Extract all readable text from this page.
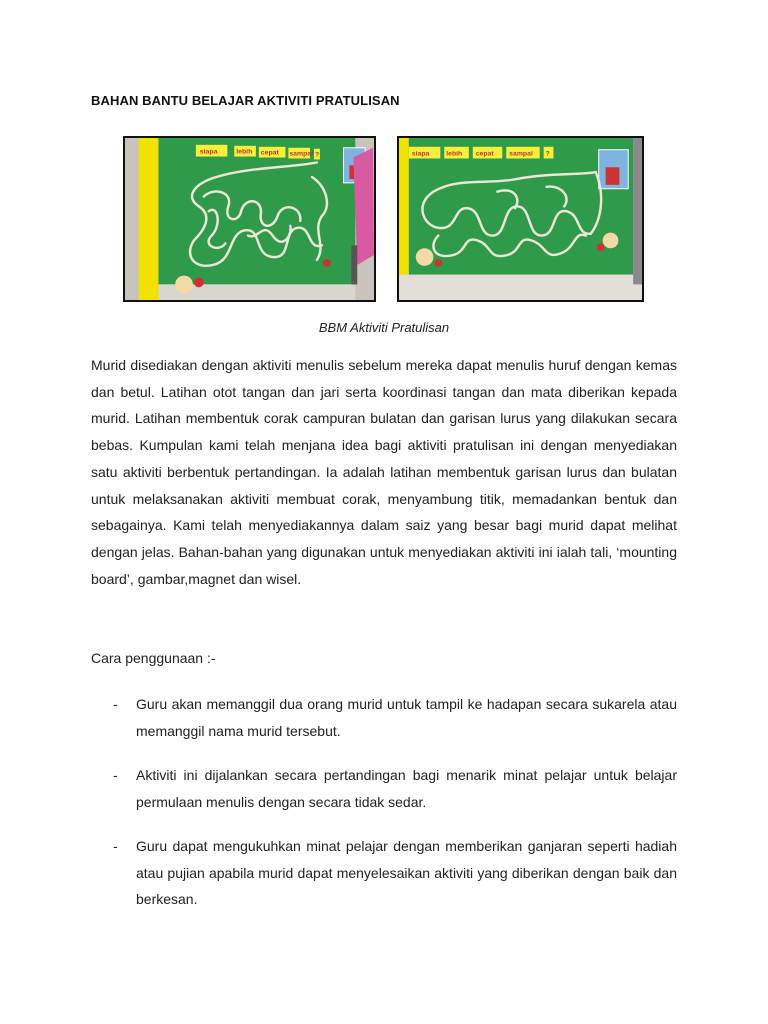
BAHAN BANTU BELAJAR AKTIVITI PRATULISAN
siapa	lebih cepat sampai ?	siapa lebih cepat sampai ?
BBM Aktiviti Pratulisan

Murid disediakan dengan aktiviti menulis sebelum mereka dapat menulis huruf dengan kemas dan betul. Latihan otot tangan dan jari serta koordinasi tangan dan mata diberikan kepada murid. Latihan membentuk corak campuran bulatan dan garisan lurus yang dilakukan secara bebas. Kumpulan kami telah menjana idea bagi aktiviti pratulisan ini dengan menyediakan satu aktiviti berbentuk pertandingan. Ia adalah latihan membentuk garisan lurus dan bulatan untuk melaksanakan aktiviti membuat corak, menyambung titik, memadankan bentuk dan sebagainya. Kami telah menyediakannya dalam saiz yang besar bagi murid dapat melihat dengan jelas. Bahan-bahan yang digunakan untuk menyediakan aktiviti ini ialah tali, ‘mounting board’, gambar,magnet dan wisel.

Cara penggunaan :-
- Guru akan memanggil dua orang murid untuk tampil ke hadapan secara sukarela atau memanggil nama murid tersebut.
- Aktiviti ini dijalankan secara pertandingan bagi menarik minat pelajar untuk belajar permulaan menulis dengan secara tidak sedar.
- Guru dapat mengukuhkan minat pelajar dengan memberikan ganjaran seperti hadiah atau pujian apabila murid dapat menyelesaikan aktiviti yang diberikan dengan baik dan berkesan.
